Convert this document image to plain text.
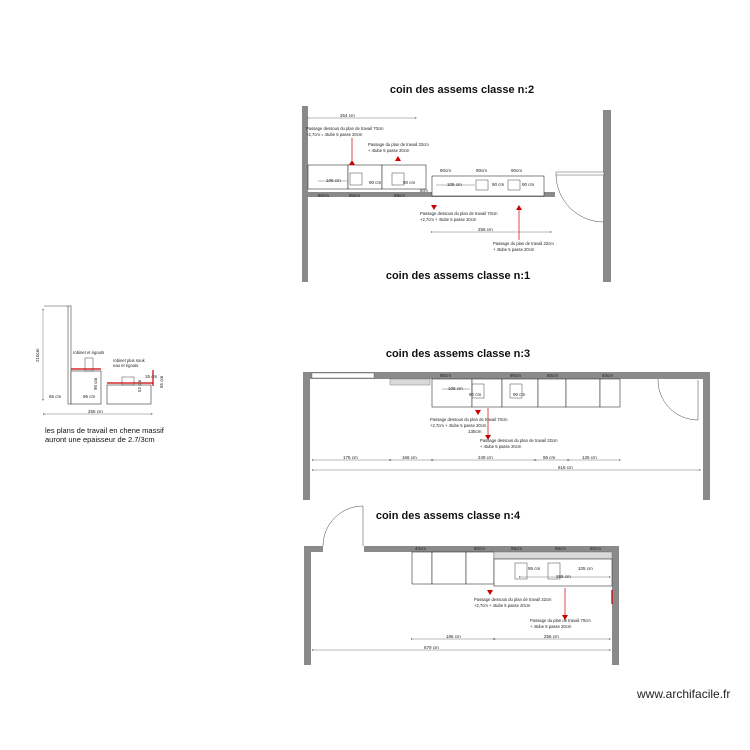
coin des assems classe n:2
254 cm
80cm	90cm	90cm
105 cm	90 cm	90 cm
80cm	90cm	89cm
105 cm	90 cm	90 cm
6cm
256 cm
Passage dessous du plan de travail 70cm
+2,7cm = 4tube 5 passe 20cm
Passage du plan de travail 32cm
+ 4tube 5 passe 20cm
Passage dessous du plan de travail 70cm
+2,7cm + 4tube 5 passe 20cm
Passage du plan de travail 32cm
+ 4tube 5 passe 20cm
coin des assems classe n:1
210cm	robinet et égouts
robinet plus souk
eau et égouts
90 cm	52 cm
15 cm 65 cm
66 cm	96 cm
255 cm
les plans de travail en chene massif
auront une epaisseur de 2.7/3cm
coin des assems classe n:3
80cm	90cm	80cm	40cm
105 cm
90 cm	90 cm
Passage dessous du plan de travail 70cm
+2,7cm + 4tube 5 passe 20cm
135cm
Passage dessous du plan de travail 32cm
+ 4tube 5 passe 20cm
175 cm	166 cm	249 cm	86 cm	126 cm
618 cm
coin des assems classe n:4
40cm	80cm	95cm	95cm	80cm
95 cm	105 cm
265 cm
Passage dessous du plan de travail 32cm
+2,7cm + 4tube 5 passe 20cm
Passage du plan de travail 70cm
+ 4tube 5 passe 20cm
186 cm	256 cm
679 cm
www.archifacile.fr
